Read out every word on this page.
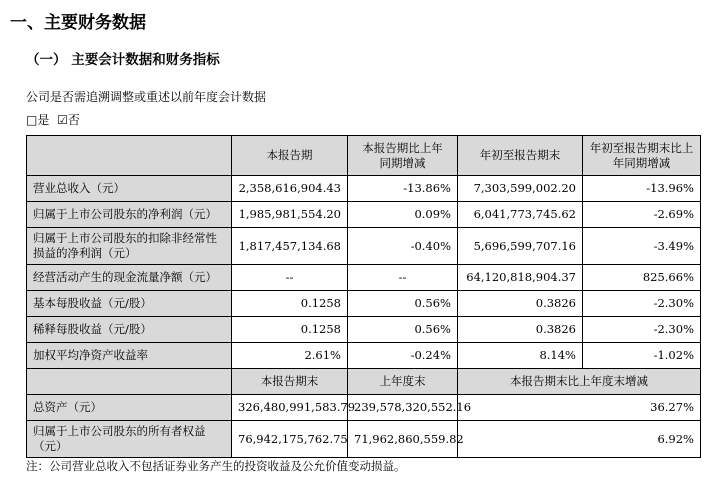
一、主要财务数据
（一） 主要会计数据和财务指标
公司是否需追溯调整或重述以前年度会计数据
□是 ☑否
	本报告期	本报告期比上年同期增减	年初至报告期末	年初至报告期末比上年同期增减
营业总收入（元）	2,358,616,904.43	-13.86%	7,303,599,002.20	-13.96%
归属于上市公司股东的净利润（元）	1,985,981,554.20	0.09%	6,041,773,745.62	-2.69%
归属于上市公司股东的扣除非经常性损益的净利润（元）	1,817,457,134.68	-0.40%	5,696,599,707.16	-3.49%
经营活动产生的现金流量净额（元）	--	--	64,120,818,904.37	825.66%
基本每股收益（元/股）	0.1258	0.56%	0.3826	-2.30%
稀释每股收益（元/股）	0.1258	0.56%	0.3826	-2.30%
加权平均净资产收益率	2.61%	-0.24%	8.14%	-1.02%
	本报告期末	上年度末	本报告期末比上年度末增减	
总资产（元）	326,480,991,583.79	239,578,320,552.16	36.27%	
归属于上市公司股东的所有者权益（元）	76,942,175,762.75	71,962,860,559.82	6.92%	
注：公司营业总收入不包括证券业务产生的投资收益及公允价值变动损益。
